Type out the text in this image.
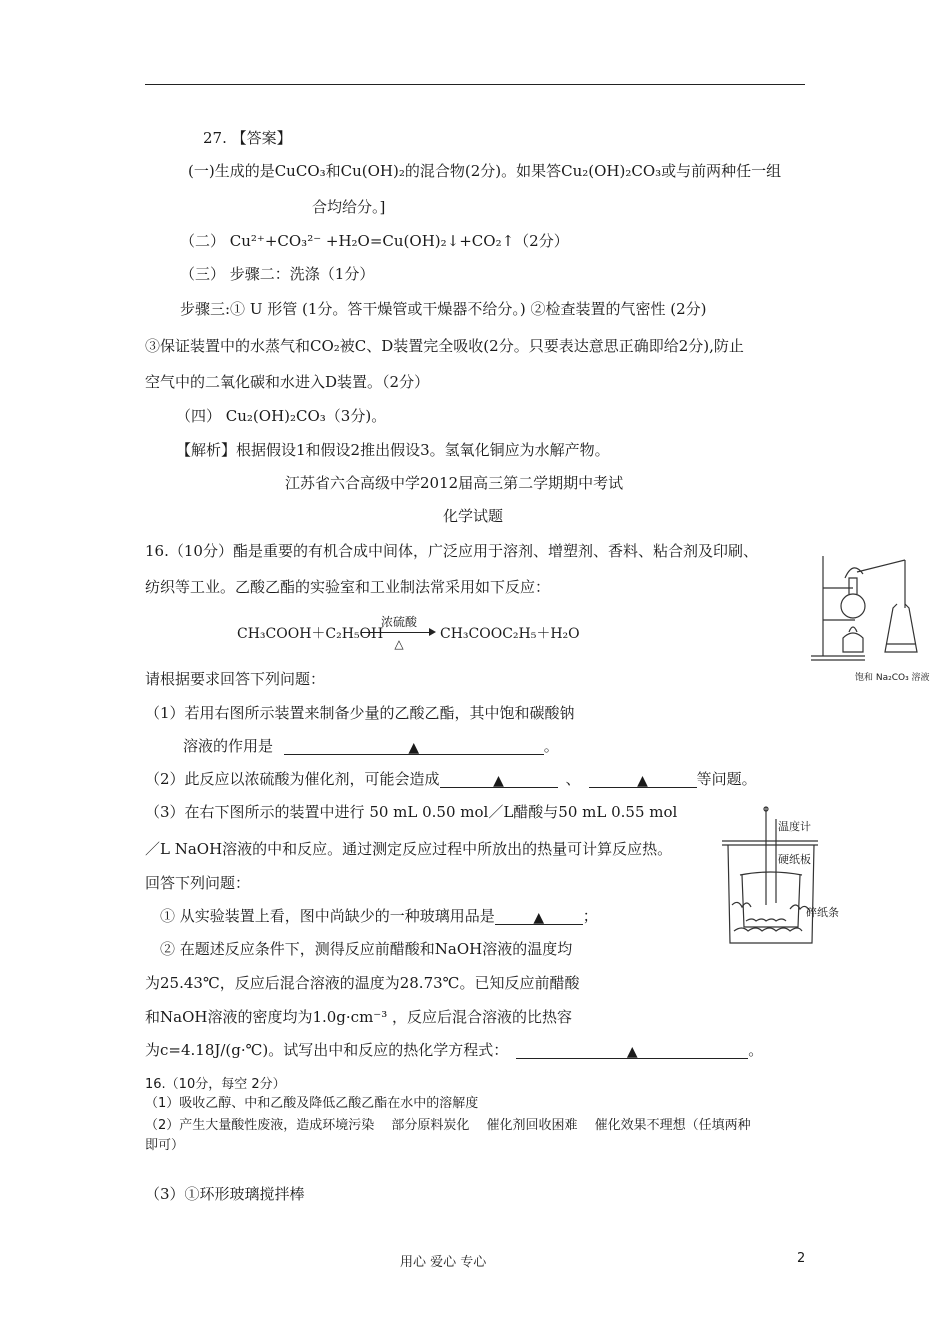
27. 【答案】
(一)生成的是CuCO₃和Cu(OH)₂的混合物(2分)。如果答Cu₂(OH)₂CO₃或与前两种任一组
合均给分。]
（二） Cu²⁺+CO₃²⁻ +H₂O=Cu(OH)₂↓+CO₂↑（2分）
（三） 步骤二：洗涤（1分）
步骤三:① U 形管 (1分。答干燥管或干燥器不给分。) ②检查装置的气密性 (2分)
③保证装置中的水蒸气和CO₂被C、D装置完全吸收(2分。只要表达意思正确即给2分),防止
空气中的二氧化碳和水进入D装置。（2分）
（四） Cu₂(OH)₂CO₃（3分)。
【解析】根据假设1和假设2推出假设3。氢氧化铜应为水解产物。
江苏省六合高级中学2012届高三第二学期期中考试
化学试题
16.（10分）酯是重要的有机合成中间体，广泛应用于溶剂、增塑剂、香料、粘合剂及印刷、
纺织等工业。乙酸乙酯的实验室和工业制法常采用如下反应：
CH₃COOH＋C₂H₅OH
浓硫酸
△
CH₃COOC₂H₅＋H₂O
请根据要求回答下列问题：
（1）若用右图所示装置来制备少量的乙酸乙酯，其中饱和碳酸钠
溶液的作用是	▲	。
（2）此反应以浓硫酸为催化剂，可能会造成	▲	、	▲	等问题。
（3）在右下图所示的装置中进行 50 mL 0.50 mol／L醋酸与50 mL 0.55 mol
／L NaOH溶液的中和反应。通过测定反应过程中所放出的热量可计算反应热。
回答下列问题：
① 从实验装置上看，图中尚缺少的一种玻璃用品是	▲	；
② 在题述反应条件下，测得反应前醋酸和NaOH溶液的温度均
为25.43℃，反应后混合溶液的温度为28.73℃。已知反应前醋酸
和NaOH溶液的密度均为1.0g·cm⁻³ ，反应后混合溶液的比热容
为c=4.18J/(g·℃)。试写出中和反应的热化学方程式：	▲	。
16.（10分，每空 2分）
（1）吸收乙醇、中和乙酸及降低乙酸乙酯在水中的溶解度
（2）产生大量酸性废液，造成环境污染　 部分原料炭化　 催化剂回收困难　 催化效果不理想（任填两种
即可）
（3）①环形玻璃搅拌棒
饱和 Na₂CO₃ 溶液
温度计
硬纸板
碎纸条
用心 爱心 专心	2
